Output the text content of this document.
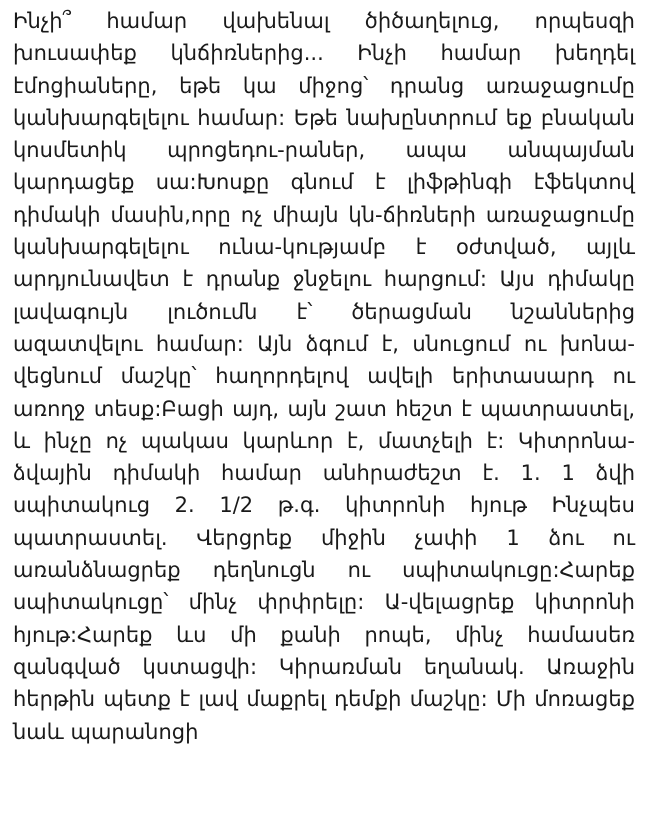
Ինչի՞ համար վախենալ ծիծաղելուց, որպեսզի խուսափեք կնճիռներից... Ինչի համար խեղդել էմոցիաները, եթե կա միջոց՝ դրանց առաջացումը կանխարգելելու համար: Եթե նախընտրում եք բնական կոսմետիկ պրոցեդու-րաներ, ապա անպայման կարդացեք սա:Խոսքը գնում է լիֆթինգի էֆեկտով դիմակի մասին,որը ոչ միայն կն-ճիռների առաջացումը կանխարգելելու ունա-կությամբ է օժտված, այլև արդյունավետ է դրանք ջնջելու հարցում: Այս դիմակը լավագույն լուծումն է՝ ծերացման նշաններից ազատվելու համար: Այն ձգում է, սնուցում ու խոնա-վեցնում մաշկը՝ հաղորդելով ավելի երիտասարդ ու առողջ տեսք:Բացի այդ, այն շատ հեշտ է պատրաստել, և ինչը ոչ պակաս կարևոր է, մատչելի է: Կիտրոնա-ձվային դիմակի համար անհրաժեշտ է. 1. 1 ձվի սպիտակուց 2. 1/2 թ.գ. կիտրոնի հյութ Ինչպես պատրաստել. Վերցրեք միջին չափի 1 ձու ու առանձնացրեք դեղնուցն ու սպիտակուցը:Հարեք սպիտակուցը՝ մինչ փրփրելը: Ա-վելացրեք կիտրոնի հյութ:Հարեք ևս մի քանի րոպե, մինչ համասեռ զանգված կստացվի: Կիրառման եղանակ. Առաջին հերթին պետք է լավ մաքրել դեմքի մաշկը: Մի մոռացեք նաև պարանոցի
